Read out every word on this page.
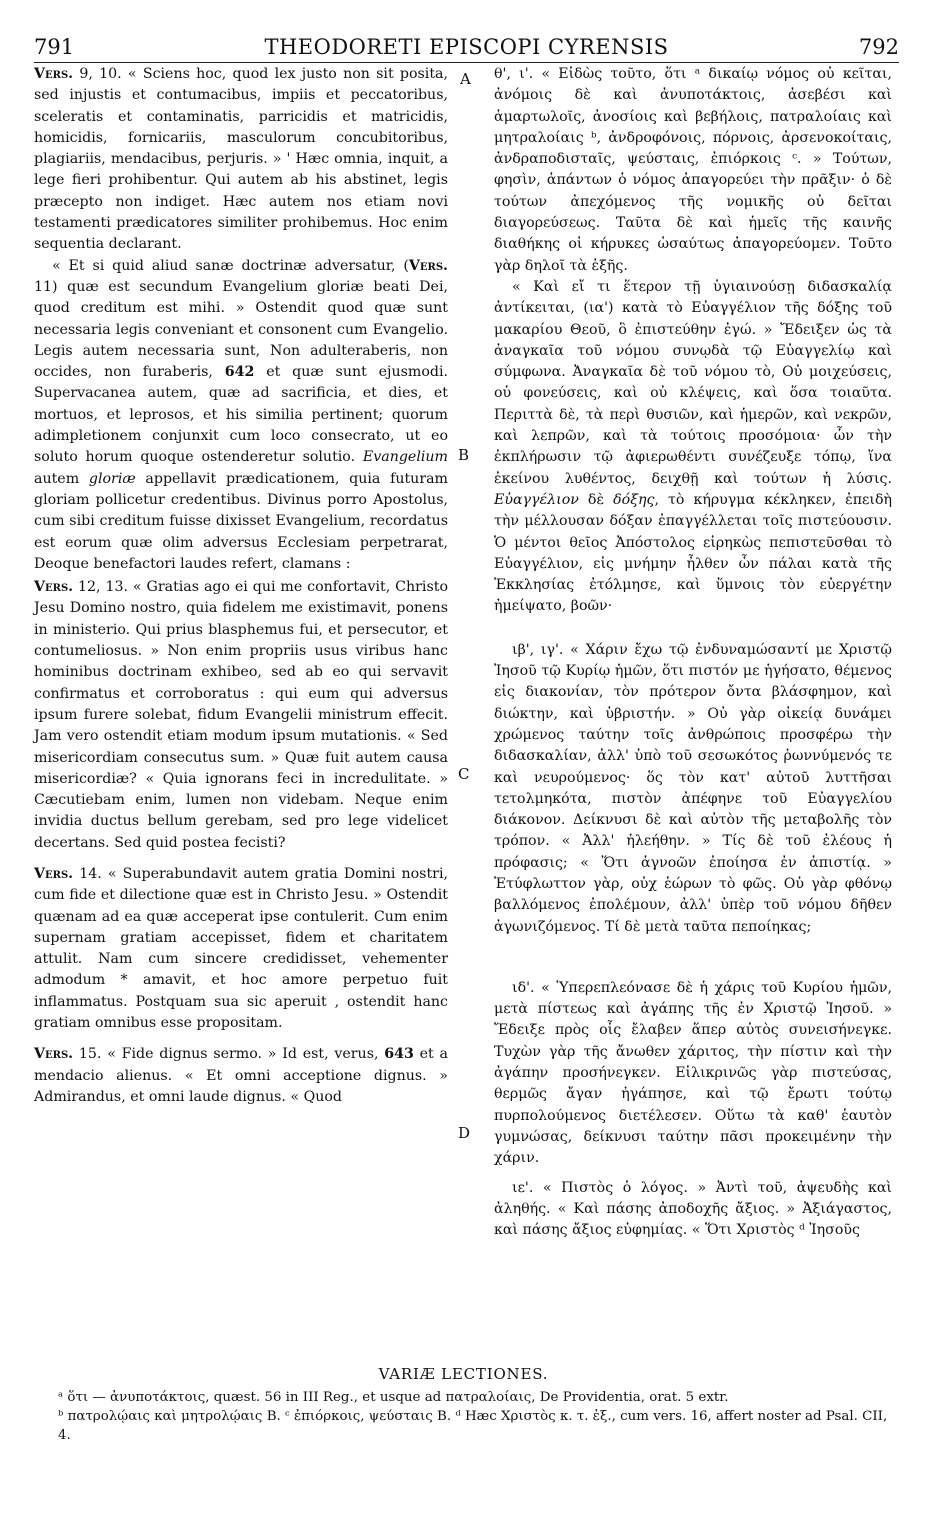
791	THEODORETI EPISCOPI CYRENSIS	792
A
B
C
D

Vers. 9, 10. « Sciens hoc, quod lex justo non sit posita, sed injustis et contumacibus, impiis et peccatoribus, sceleratis et contaminatis, parricidis et matricidis, homicidis, fornicariis, masculorum concubitoribus, plagiariis, mendacibus, perjuris. » ' Hæc omnia, inquit, a lege fieri prohibentur. Qui autem ab his abstinet, legis præcepto non indiget. Hæc autem nos etiam novi testamenti prædicatores similiter prohibemus. Hoc enim sequentia declarant.

« Et si quid aliud sanæ doctrinæ adversatur, (Vers. 11) quæ est secundum Evangelium gloriæ beati Dei, quod creditum est mihi. » Ostendit quod quæ sunt necessaria legis conveniant et consonent cum Evangelio. Legis autem necessaria sunt, Non adulteraberis, non occides, non furaberis, 642 et quæ sunt ejusmodi. Supervacanea autem, quæ ad sacrificia, et dies, et mortuos, et leprosos, et his similia pertinent; quorum adimpletionem conjunxit cum loco consecrato, ut eo soluto horum quoque ostenderetur solutio. Evangelium autem gloriæ appellavit prædicationem, quia futuram gloriam pollicetur credentibus. Divinus porro Apostolus, cum sibi creditum fuisse dixisset Evangelium, recordatus est eorum quæ olim adversus Ecclesiam perpetrarat, Deoque benefactori laudes refert, clamans :

Vers. 12, 13. « Gratias ago ei qui me confortavit, Christo Jesu Domino nostro, quia fidelem me existimavit, ponens in ministerio. Qui prius blasphemus fui, et persecutor, et contumeliosus. » Non enim propriis usus viribus hanc hominibus doctrinam exhibeo, sed ab eo qui servavit confirmatus et corroboratus : qui eum qui adversus ipsum furere solebat, fidum Evangelii ministrum effecit. Jam vero ostendit etiam modum ipsum mutationis. « Sed misericordiam consecutus sum. » Quæ fuit autem causa misericordiæ? « Quia ignorans feci in incredulitate. » Cæcutiebam enim, lumen non videbam. Neque enim invidia ductus bellum gerebam, sed pro lege videlicet decertans. Sed quid postea fecisti?

Vers. 14. « Superabundavit autem gratia Domini nostri, cum fide et dilectione quæ est in Christo Jesu. » Ostendit quænam ad ea quæ acceperat ipse contulerit. Cum enim supernam gratiam accepisset, fidem et charitatem attulit. Nam cum sincere credidisset, vehementer admodum * amavit, et hoc amore perpetuo fuit inflammatus. Postquam sua sic aperuit , ostendit hanc gratiam omnibus esse propositam.

Vers. 15. « Fide dignus sermo. » Id est, verus, 643 et a mendacio alienus. « Et omni acceptione dignus. » Admirandus, et omni laude dignus. « Quod

θ', ι'. « Εἰδὼς τοῦτο, ὅτι ᵃ δικαίῳ νόμος οὐ κεῖται, ἀνόμοις δὲ καὶ ἀνυποτάκτοις, ἀσεβέσι καὶ ἁμαρτωλοῖς, ἀνοσίοις καὶ βεβήλοις, πατραλοίαις καὶ μητραλοίαις ᵇ, ἀνδροφόνοις, πόρνοις, ἀρσενοκοίταις, ἀνδραποδισταῖς, ψεύσταις, ἐπιόρκοις ᶜ. » Τούτων, φησὶν, ἁπάντων ὁ νόμος ἀπαγορεύει τὴν πρᾶξιν· ὁ δὲ τούτων ἀπεχόμενος τῆς νομικῆς οὐ δεῖται διαγορεύσεως. Ταῦτα δὲ καὶ ἡμεῖς τῆς καινῆς διαθήκης οἱ κήρυκες ὡσαύτως ἀπαγορεύομεν. Τοῦτο γὰρ δηλοῖ τὰ ἑξῆς.

« Καὶ εἴ τι ἕτερον τῇ ὑγιαινούσῃ διδασκαλίᾳ ἀντίκειται, (ια') κατὰ τὸ Εὐαγγέλιον τῆς δόξης τοῦ μακαρίου Θεοῦ, ὃ ἐπιστεύθην ἐγώ. » Ἔδειξεν ὡς τὰ ἀναγκαῖα τοῦ νόμου συνῳδὰ τῷ Εὐαγγελίῳ καὶ σύμφωνα. Ἀναγκαῖα δὲ τοῦ νόμου τὸ, Οὐ μοιχεύσεις, οὐ φονεύσεις, καὶ οὐ κλέψεις, καὶ ὅσα τοιαῦτα. Περιττὰ δὲ, τὰ περὶ θυσιῶν, καὶ ἡμερῶν, καὶ νεκρῶν, καὶ λεπρῶν, καὶ τὰ τούτοις προσόμοια· ὧν τὴν ἐκπλήρωσιν τῷ ἀφιερωθέντι συνέζευξε τόπῳ, ἵνα ἐκείνου λυθέντος, δειχθῇ καὶ τούτων ἡ λύσις. Εὐαγγέλιον δὲ δόξης, τὸ κήρυγμα κέκληκεν, ἐπειδὴ τὴν μέλλουσαν δόξαν ἐπαγγέλλεται τοῖς πιστεύουσιν. Ὁ μέντοι θεῖος Ἀπόστολος εἰρηκὼς πεπιστεῦσθαι τὸ Εὐαγγέλιον, εἰς μνήμην ἦλθεν ὧν πάλαι κατὰ τῆς Ἐκκλησίας ἐτόλμησε, καὶ ὕμνοις τὸν εὐεργέτην ἠμείψατο, βοῶν·

ιβ', ιγ'. « Χάριν ἔχω τῷ ἐνδυναμώσαντί με Χριστῷ Ἰησοῦ τῷ Κυρίῳ ἡμῶν, ὅτι πιστόν με ἡγήσατο, θέμενος εἰς διακονίαν, τὸν πρότερον ὄντα βλάσφημον, καὶ διώκτην, καὶ ὑβριστήν. » Οὐ γὰρ οἰκείᾳ δυνάμει χρώμενος ταύτην τοῖς ἀνθρώποις προσφέρω τὴν διδασκαλίαν, ἀλλ' ὑπὸ τοῦ σεσωκότος ῥωννύμενός τε καὶ νευρούμενος· ὅς τὸν κατ' αὐτοῦ λυττῆσαι τετολμηκότα, πιστὸν ἀπέφηνε τοῦ Εὐαγγελίου διάκονον. Δείκνυσι δὲ καὶ αὐτὸν τῆς μεταβολῆς τὸν τρόπον. « Ἀλλ' ἠλεήθην. » Τίς δὲ τοῦ ἐλέους ἡ πρόφασις; « Ὅτι ἀγνοῶν ἐποίησα ἐν ἀπιστίᾳ. » Ἐτύφλωττον γὰρ, οὐχ ἑώρων τὸ φῶς. Οὐ γὰρ φθόνῳ βαλλόμενος ἐπολέμουν, ἀλλ' ὑπὲρ τοῦ νόμου δῆθεν ἀγωνιζόμενος. Τί δὲ μετὰ ταῦτα πεποίηκας;

ιδ'. « Ὑπερεπλεόνασε δὲ ἡ χάρις τοῦ Κυρίου ἡμῶν, μετὰ πίστεως καὶ ἀγάπης τῆς ἐν Χριστῷ Ἰησοῦ. » Ἔδειξε πρὸς οἷς ἔλαβεν ἅπερ αὐτὸς συνεισήνεγκε. Τυχὼν γὰρ τῆς ἄνωθεν χάριτος, τὴν πίστιν καὶ τὴν ἀγάπην προσήνεγκεν. Εἰλικρινῶς γὰρ πιστεύσας, θερμῶς ἄγαν ἠγάπησε, καὶ τῷ ἔρωτι τούτῳ πυρπολούμενος διετέλεσεν. Οὕτω τὰ καθ' ἑαυτὸν γυμνώσας, δείκνυσι ταύτην πᾶσι προκειμένην τὴν χάριν.

ιε'. « Πιστὸς ὁ λόγος. » Ἀντὶ τοῦ, ἀψευδὴς καὶ ἀληθής. « Καὶ πάσης ἀποδοχῆς ἄξιος. » Ἀξιάγαστος, καὶ πάσης ἄξιος εὐφημίας. « Ὅτι Χριστὸς ᵈ Ἰησοῦς

VARIÆ LECTIONES.
ᵃ ὅτι — ἀνυποτάκτοις, quæst. 56 in III Reg., et usque ad πατραλοίαις, De Providentia, orat. 5 extr.
ᵇ πατρολῴαις καὶ μητρολῴαις B. ᶜ ἐπιόρκοις, ψεύσταις B. ᵈ Hæc Χριστὸς κ. τ. ἑξ., cum vers. 16, affert noster ad Psal. CII, 4.
